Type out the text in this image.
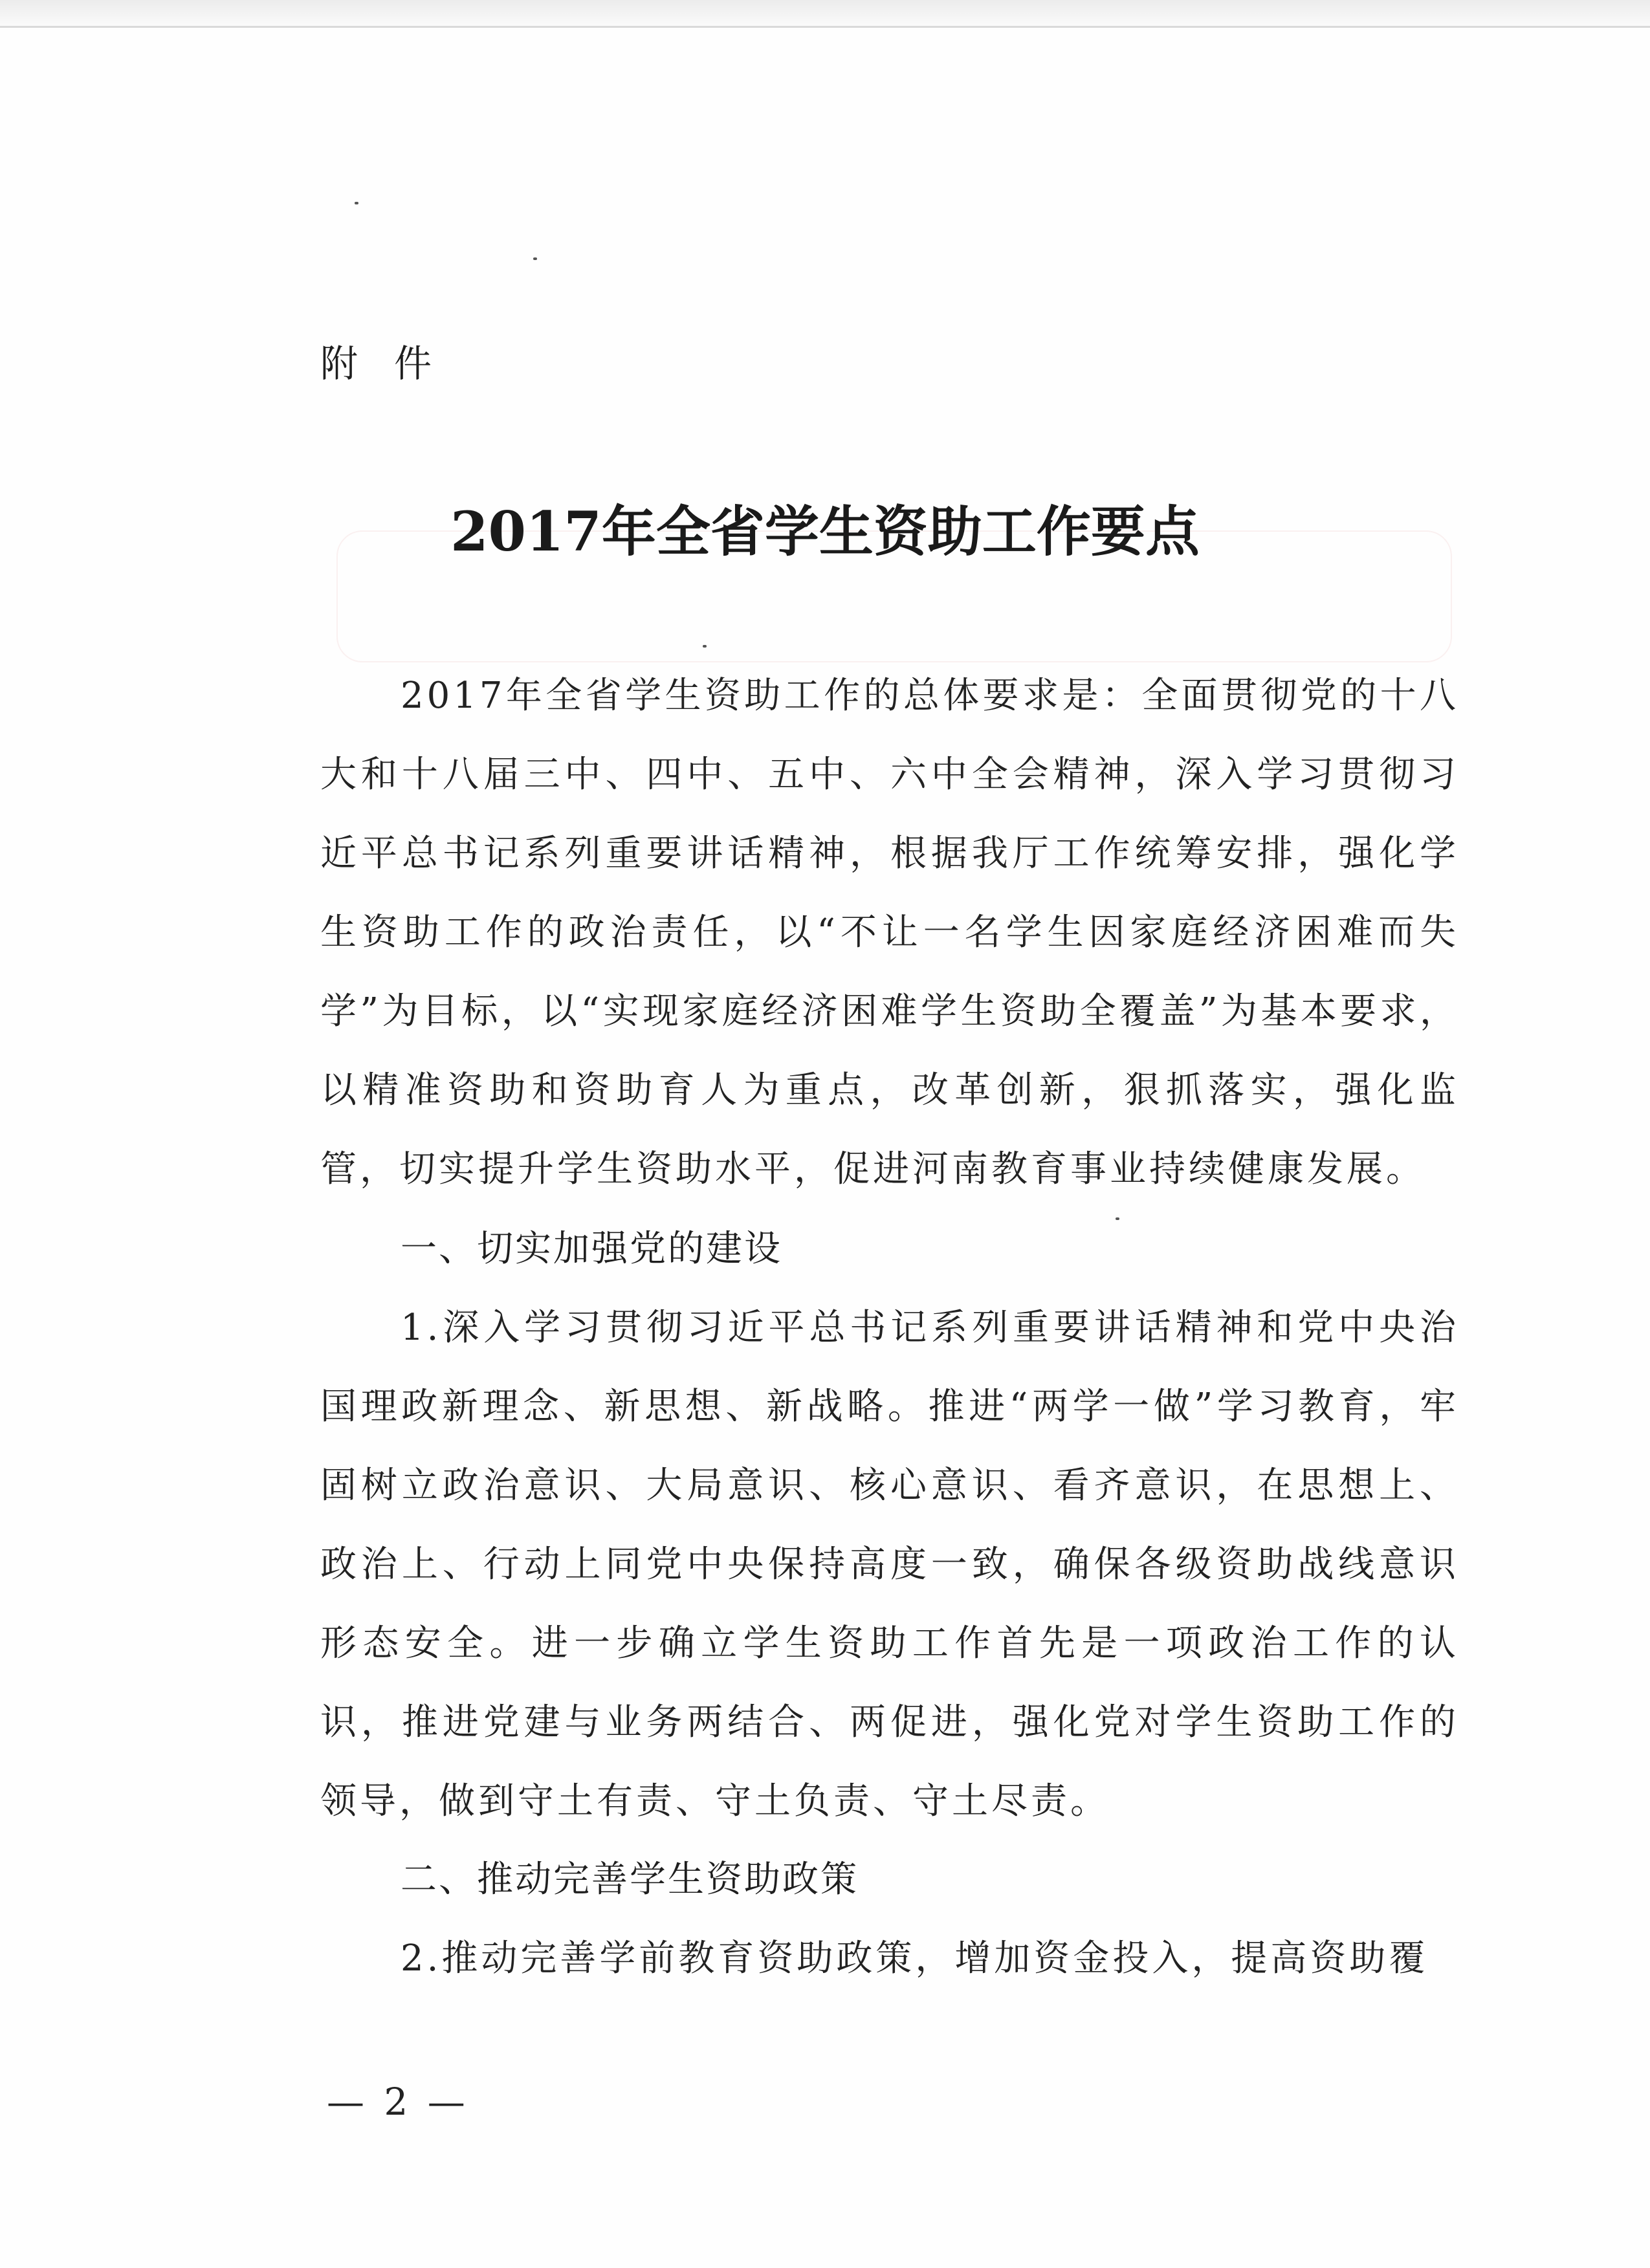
附件
2017年全省学生资助工作要点

2017年全省学生资助工作的总体要求是：全面贯彻党的十八大和十八届三中、四中、五中、六中全会精神，深入学习贯彻习近平总书记系列重要讲话精神，根据我厅工作统筹安排，强化学生资助工作的政治责任，以“不让一名学生因家庭经济困难而失学”为目标，以“实现家庭经济困难学生资助全覆盖”为基本要求，以精准资助和资助育人为重点，改革创新，狠抓落实，强化监管，切实提升学生资助水平，促进河南教育事业持续健康发展。

一、切实加强党的建设

1.深入学习贯彻习近平总书记系列重要讲话精神和党中央治国理政新理念、新思想、新战略。推进“两学一做”学习教育，牢固树立政治意识、大局意识、核心意识、看齐意识，在思想上、政治上、行动上同党中央保持高度一致，确保各级资助战线意识形态安全。进一步确立学生资助工作首先是一项政治工作的认识，推进党建与业务两结合、两促进，强化党对学生资助工作的领导，做到守土有责、守土负责、守土尽责。

二、推动完善学生资助政策

2.推动完善学前教育资助政策，增加资金投入，提高资助覆

— 2 —
